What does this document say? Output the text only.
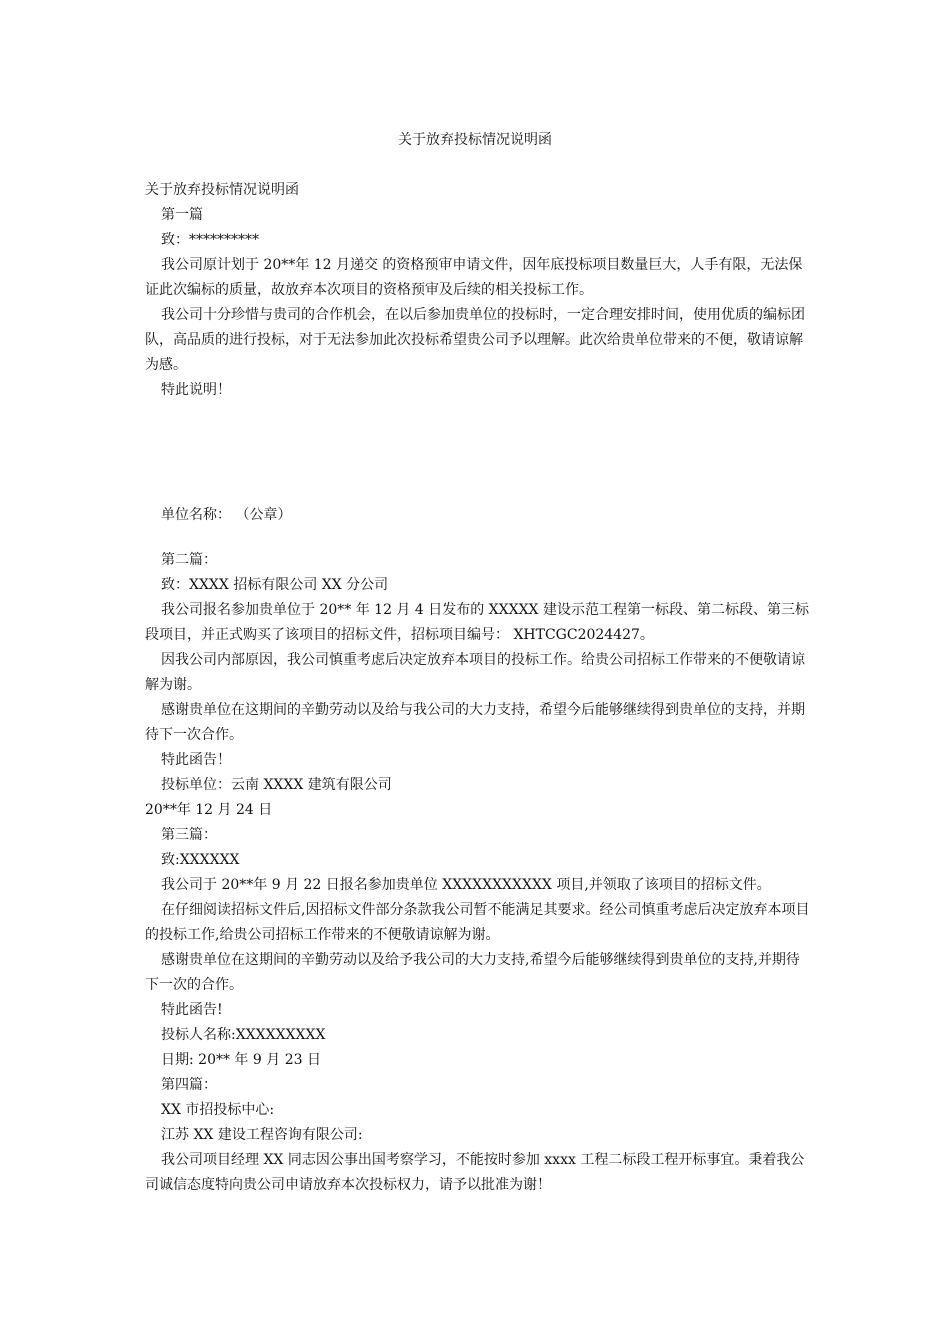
关于放弃投标情况说明函

关于放弃投标情况说明函

第一篇

致：**********

我公司原计划于 20**年 12 月递交 的资格预审申请文件，因年底投标项目数量巨大，人手有限，无法保证此次编标的质量，故放弃本次项目的资格预审及后续的相关投标工作。

我公司十分珍惜与贵司的合作机会，在以后参加贵单位的投标时，一定合理安排时间，使用优质的编标团队，高品质的进行投标，对于无法参加此次投标希望贵公司予以理解。此次给贵单位带来的不便，敬请谅解为感。

特此说明！

单位名称： （公章）

第二篇：

致：XXXX 招标有限公司 XX 分公司

我公司报名参加贵单位于 20** 年 12 月 4 日发布的 XXXXX 建设示范工程第一标段、第二标段、第三标段项目，并正式购买了该项目的招标文件，招标项目编号： XHTCGC2024427。

因我公司内部原因，我公司慎重考虑后决定放弃本项目的投标工作。给贵公司招标工作带来的不便敬请谅解为谢。

感谢贵单位在这期间的辛勤劳动以及给与我公司的大力支持，希望今后能够继续得到贵单位的支持，并期待下一次合作。

特此函告！

投标单位：云南 XXXX 建筑有限公司

20**年 12 月 24 日

第三篇：

致:XXXXXX

我公司于 20**年 9 月 22 日报名参加贵单位 XXXXXXXXXXX 项目,并领取了该项目的招标文件。

在仔细阅读招标文件后,因招标文件部分条款我公司暂不能满足其要求。经公司慎重考虑后决定放弃本项目的投标工作,给贵公司招标工作带来的不便敬请谅解为谢。

感谢贵单位在这期间的辛勤劳动以及给予我公司的大力支持,希望今后能够继续得到贵单位的支持,并期待下一次的合作。

特此函告!

投标人名称:XXXXXXXXX

日期: 20** 年 9 月 23 日

第四篇：

XX 市招投标中心:

江苏 XX 建设工程咨询有限公司:

我公司项目经理 XX 同志因公事出国考察学习，不能按时参加 xxxx 工程二标段工程开标事宜。秉着我公司诚信态度特向贵公司申请放弃本次投标权力，请予以批准为谢！
